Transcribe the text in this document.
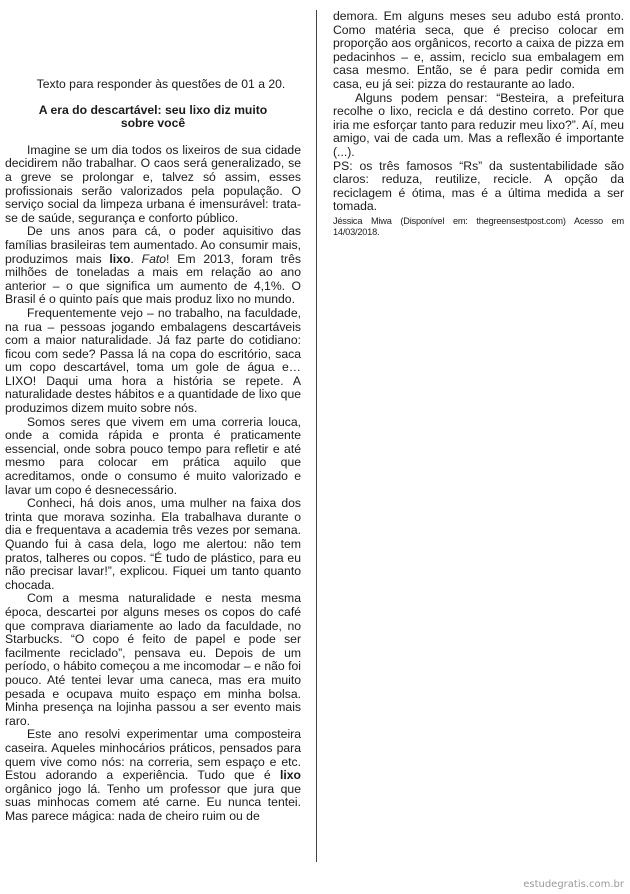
Texto para responder às questões de 01 a 20.
A era do descartável: seu lixo diz muito sobre você

Imagine se um dia todos os lixeiros de sua cidade decidirem não trabalhar. O caos será generalizado, se a greve se prolongar e, talvez só assim, esses profissionais serão valorizados pela população. O serviço social da limpeza urbana é imensurável: trata-se de saúde, segurança e conforto público.

De uns anos para cá, o poder aquisitivo das famílias brasileiras tem aumentado. Ao consumir mais, produzimos mais lixo. Fato! Em 2013, foram três milhões de toneladas a mais em relação ao ano anterior – o que significa um aumento de 4,1%. O Brasil é o quinto país que mais produz lixo no mundo.

Frequentemente vejo – no trabalho, na faculdade, na rua – pessoas jogando embalagens descartáveis com a maior naturalidade. Já faz parte do cotidiano: ficou com sede? Passa lá na copa do escritório, saca um copo descartável, toma um gole de água e… LIXO! Daqui uma hora a história se repete. A naturalidade destes hábitos e a quantidade de lixo que produzimos dizem muito sobre nós.

Somos seres que vivem em uma correria louca, onde a comida rápida e pronta é praticamente essencial, onde sobra pouco tempo para refletir e até mesmo para colocar em prática aquilo que acreditamos, onde o consumo é muito valorizado e lavar um copo é desnecessário.

Conheci, há dois anos, uma mulher na faixa dos trinta que morava sozinha. Ela trabalhava durante o dia e frequentava a academia três vezes por semana. Quando fui à casa dela, logo me alertou: não tem pratos, talheres ou copos. “É tudo de plástico, para eu não precisar lavar!”, explicou. Fiquei um tanto quanto chocada.

Com a mesma naturalidade e nesta mesma época, descartei por alguns meses os copos do café que comprava diariamente ao lado da faculdade, no Starbucks. “O copo é feito de papel e pode ser facilmente reciclado”, pensava eu. Depois de um período, o hábito começou a me incomodar – e não foi pouco. Até tentei levar uma caneca, mas era muito pesada e ocupava muito espaço em minha bolsa. Minha presença na lojinha passou a ser evento mais raro.

Este ano resolvi experimentar uma composteira caseira. Aqueles minhocários práticos, pensados para quem vive como nós: na correria, sem espaço e etc. Estou adorando a experiência. Tudo que é lixo orgânico jogo lá. Tenho um professor que jura que suas minhocas comem até carne. Eu nunca tentei. Mas parece mágica: nada de cheiro ruim ou de

demora. Em alguns meses seu adubo está pronto. Como matéria seca, que é preciso colocar em proporção aos orgânicos, recorto a caixa de pizza em pedacinhos – e, assim, reciclo sua embalagem em casa mesmo. Então, se é para pedir comida em casa, eu já sei: pizza do restaurante ao lado.

Alguns podem pensar: “Besteira, a prefeitura recolhe o lixo, recicla e dá destino correto. Por que iria me esforçar tanto para reduzir meu lixo?”. Aí, meu amigo, vai de cada um. Mas a reflexão é importante (...).

PS: os três famosos “Rs” da sustentabilidade são claros: reduza, reutilize, recicle. A opção da reciclagem é ótima, mas é a última medida a ser tomada.

Jéssica Miwa (Disponível em: thegreensestpost.com) Acesso em 14/03/2018.

estudegratis.com.br
